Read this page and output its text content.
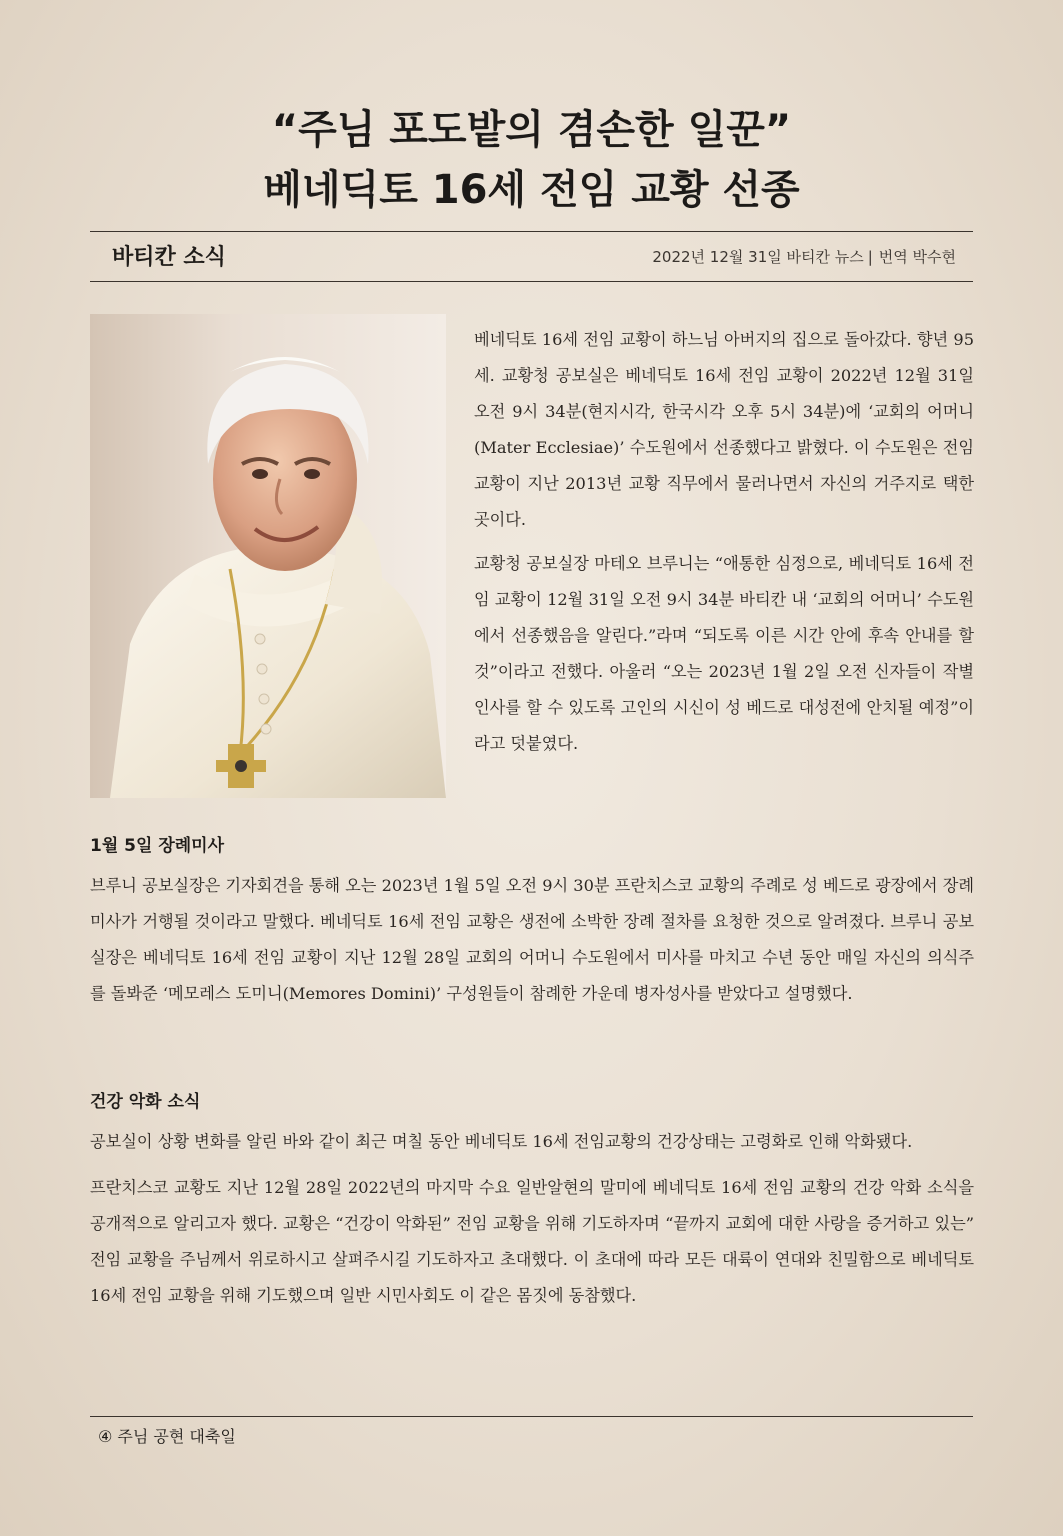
“주님 포도밭의 겸손한 일꾼”
베네딕토 16세 전임 교황 선종
바티칸 소식	2022년 12월 31일 바티칸 뉴스 | 번역 박수현

베네딕토 16세 전임 교황이 하느님 아버지의 집으로 돌아갔다. 향년 95세. 교황청 공보실은 베네딕토 16세 전임 교황이 2022년 12월 31일 오전 9시 34분(현지시각, 한국시각 오후 5시 34분)에 ‘교회의 어머니(Mater Ecclesiae)’ 수도원에서 선종했다고 밝혔다. 이 수도원은 전임교황이 지난 2013년 교황 직무에서 물러나면서 자신의 거주지로 택한 곳이다.

교황청 공보실장 마테오 브루니는 “애통한 심정으로, 베네딕토 16세 전임 교황이 12월 31일 오전 9시 34분 바티칸 내 ‘교회의 어머니’ 수도원에서 선종했음을 알린다.”라며 “되도록 이른 시간 안에 후속 안내를 할 것”이라고 전했다. 아울러 “오는 2023년 1월 2일 오전 신자들이 작별인사를 할 수 있도록 고인의 시신이 성 베드로 대성전에 안치될 예정”이라고 덧붙였다.

1월 5일 장례미사

브루니 공보실장은 기자회견을 통해 오는 2023년 1월 5일 오전 9시 30분 프란치스코 교황의 주례로 성 베드로 광장에서 장례미사가 거행될 것이라고 말했다. 베네딕토 16세 전임 교황은 생전에 소박한 장례 절차를 요청한 것으로 알려졌다. 브루니 공보실장은 베네딕토 16세 전임 교황이 지난 12월 28일 교회의 어머니 수도원에서 미사를 마치고 수년 동안 매일 자신의 의식주를 돌봐준 ‘메모레스 도미니(Memores Domini)’ 구성원들이 참례한 가운데 병자성사를 받았다고 설명했다.

건강 악화 소식

공보실이 상황 변화를 알린 바와 같이 최근 며칠 동안 베네딕토 16세 전임교황의 건강상태는 고령화로 인해 악화됐다.

프란치스코 교황도 지난 12월 28일 2022년의 마지막 수요 일반알현의 말미에 베네딕토 16세 전임 교황의 건강 악화 소식을 공개적으로 알리고자 했다. 교황은 “건강이 악화된” 전임 교황을 위해 기도하자며 “끝까지 교회에 대한 사랑을 증거하고 있는” 전임 교황을 주님께서 위로하시고 살펴주시길 기도하자고 초대했다. 이 초대에 따라 모든 대륙이 연대와 친밀함으로 베네딕토 16세 전임 교황을 위해 기도했으며 일반 시민사회도 이 같은 몸짓에 동참했다.

④ 주님 공현 대축일
